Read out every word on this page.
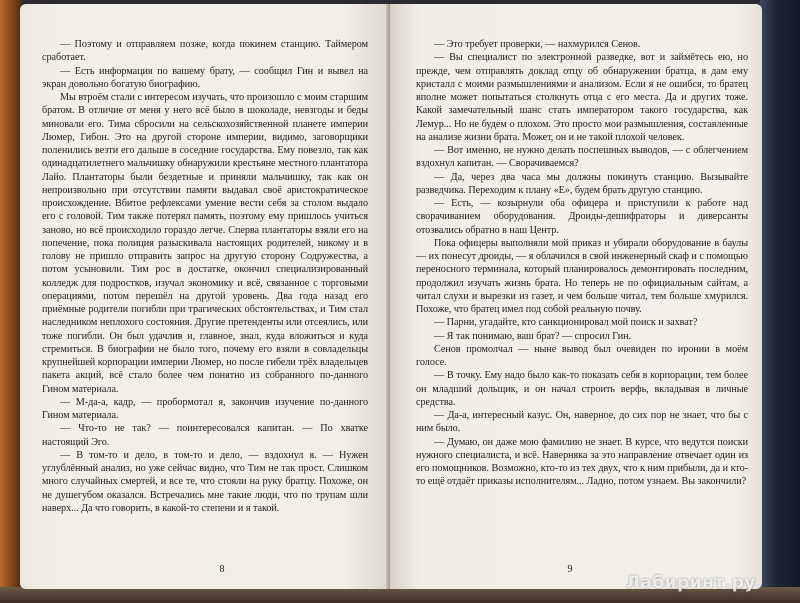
— Поэтому и отправляем позже, когда покинем станцию. Таймером сработает.

— Есть информация по вашему брату, — сообщил Гин и вывел на экран довольно богатую биографию.

Мы втроём стали с интересом изучать, что произошло с моим старшим братом. В отличие от меня у него всё было в шоколаде, невзгоды и беды миновали его. Тима сбросили на сельскохозяйственной планете империи Люмер, Гибон. Это на другой стороне империи, видимо, заговорщики поленились везти его дальше в соседние государства. Ему повезло, так как одинадцатилетнего мальчишку обнаружили крестьяне местного плантатора Лайо. Плантаторы были бездетные и приняли мальчишку, так как он непроизвольно при отсутствии памяти выдавал своё аристократическое происхождение. Вбитое рефлексами умение вести себя за столом выдало его с головой. Тим также потерял память, поэтому ему пришлось учиться заново, но всё происходило гораздо легче. Сперва плантаторы взяли его на попечение, пока полиция разыскивала настоящих родителей, никому и в голову не пришло отправить запрос на другую сторону Содружества, а потом усыновили. Тим рос в достатке, окончил специализированный колледж для подростков, изучал экономику и всё, связанное с торговыми операциями, потом перешёл на другой уровень. Два года назад его приёмные родители погибли при трагических обстоятельствах, и Тим стал наследником неплохого состояния. Другие претенденты или отсеялись, или тоже погибли. Он был удачлив и, главное, знал, куда вложиться и куда стремиться. В биографии не было того, почему его взяли в совладельцы крупнейшей корпорации империи Люмер, но после гибели трёх владельцев пакета акций, всё стало более чем понятно из собранного по-данного Гином материала.

— М-да-а, кадр, — пробормотал я, закончив изучение по-данного Гином материала.

— Что-то не так? — поинтересовался капитан. — По хватке настоящий Эго.

— В том-то и дело, в том-то и дело, — вздохнул я. — Нужен углублённый анализ, но уже сейчас видно, что Тим не так прост. Слишком много случайных смертей, и все те, что стояли на руку братцу. Похоже, он не душегубом оказался. Встречались мне такие люди, что по трупам шли наверх... Да что говорить, в какой-то степени и я такой.

8

— Это требует проверки, — нахмурился Сенов.

— Вы специалист по электронной разведке, вот и займётесь ею, но прежде, чем отправлять доклад отцу об обнаружении братца, я дам ему кристалл с моими размышлениями и анализом. Если я не ошибся, то братец вполне может попытаться столкнуть отца с его места. Да и других тоже. Какой замечательный шанс стать императором такого государства, как Лемур... Но не будем о плохом. Это просто мои размышления, составленные на анализе жизни брата. Может, он и не такой плохой человек.

— Вот именно, не нужно делать поспешных выводов, — с облегчением вздохнул капитан. — Сворачиваемся?

— Да, через два часа мы должны покинуть станцию. Вызывайте разведчика. Переходим к плану «Е», будем брать другую станцию.

— Есть, — козырнули оба офицера и приступили к работе над сворачиванием оборудования. Дроиды-дешифраторы и диверсанты отозвались обратно в наш Центр.

Пока офицеры выполняли мой приказ и убирали оборудование в баулы — их понесут дроиды, — я облачился в свой инженерный скаф и с помощью переносного терминала, который планировалось демонтировать последним, продолжил изучать жизнь брата. Но теперь не по официальным сайтам, а читал слухи и вырезки из газет, и чем больше читал, тем больше хмурился. Похоже, что братец имел под собой реальную почву.

— Парни, угадайте, кто санкционировал мой поиск и захват?

— Я так понимаю, ваш брат? — спросил Гин.

Сенов промолчал — ныне вывод был очевиден по иронии в моём голосе.

— В точку. Ему надо было как-то показать себя в корпорации, тем более он младший дольщик, и он начал строить верфь, вкладывая в личные средства.

— Да-а, интересный казус. Он, наверное, до сих пор не знает, что бы с ним было.

— Думаю, он даже мою фамилию не знает. В курсе, что ведутся поиски нужного специалиста, и всё. Наверняка за это направление отвечает один из его помощников. Возможно, кто-то из тех двух, что к ним прибыли, да и кто-то ещё отдаёт приказы исполнителям... Ладно, потом узнаем. Вы закончили?

9
Лабиринт.ру
